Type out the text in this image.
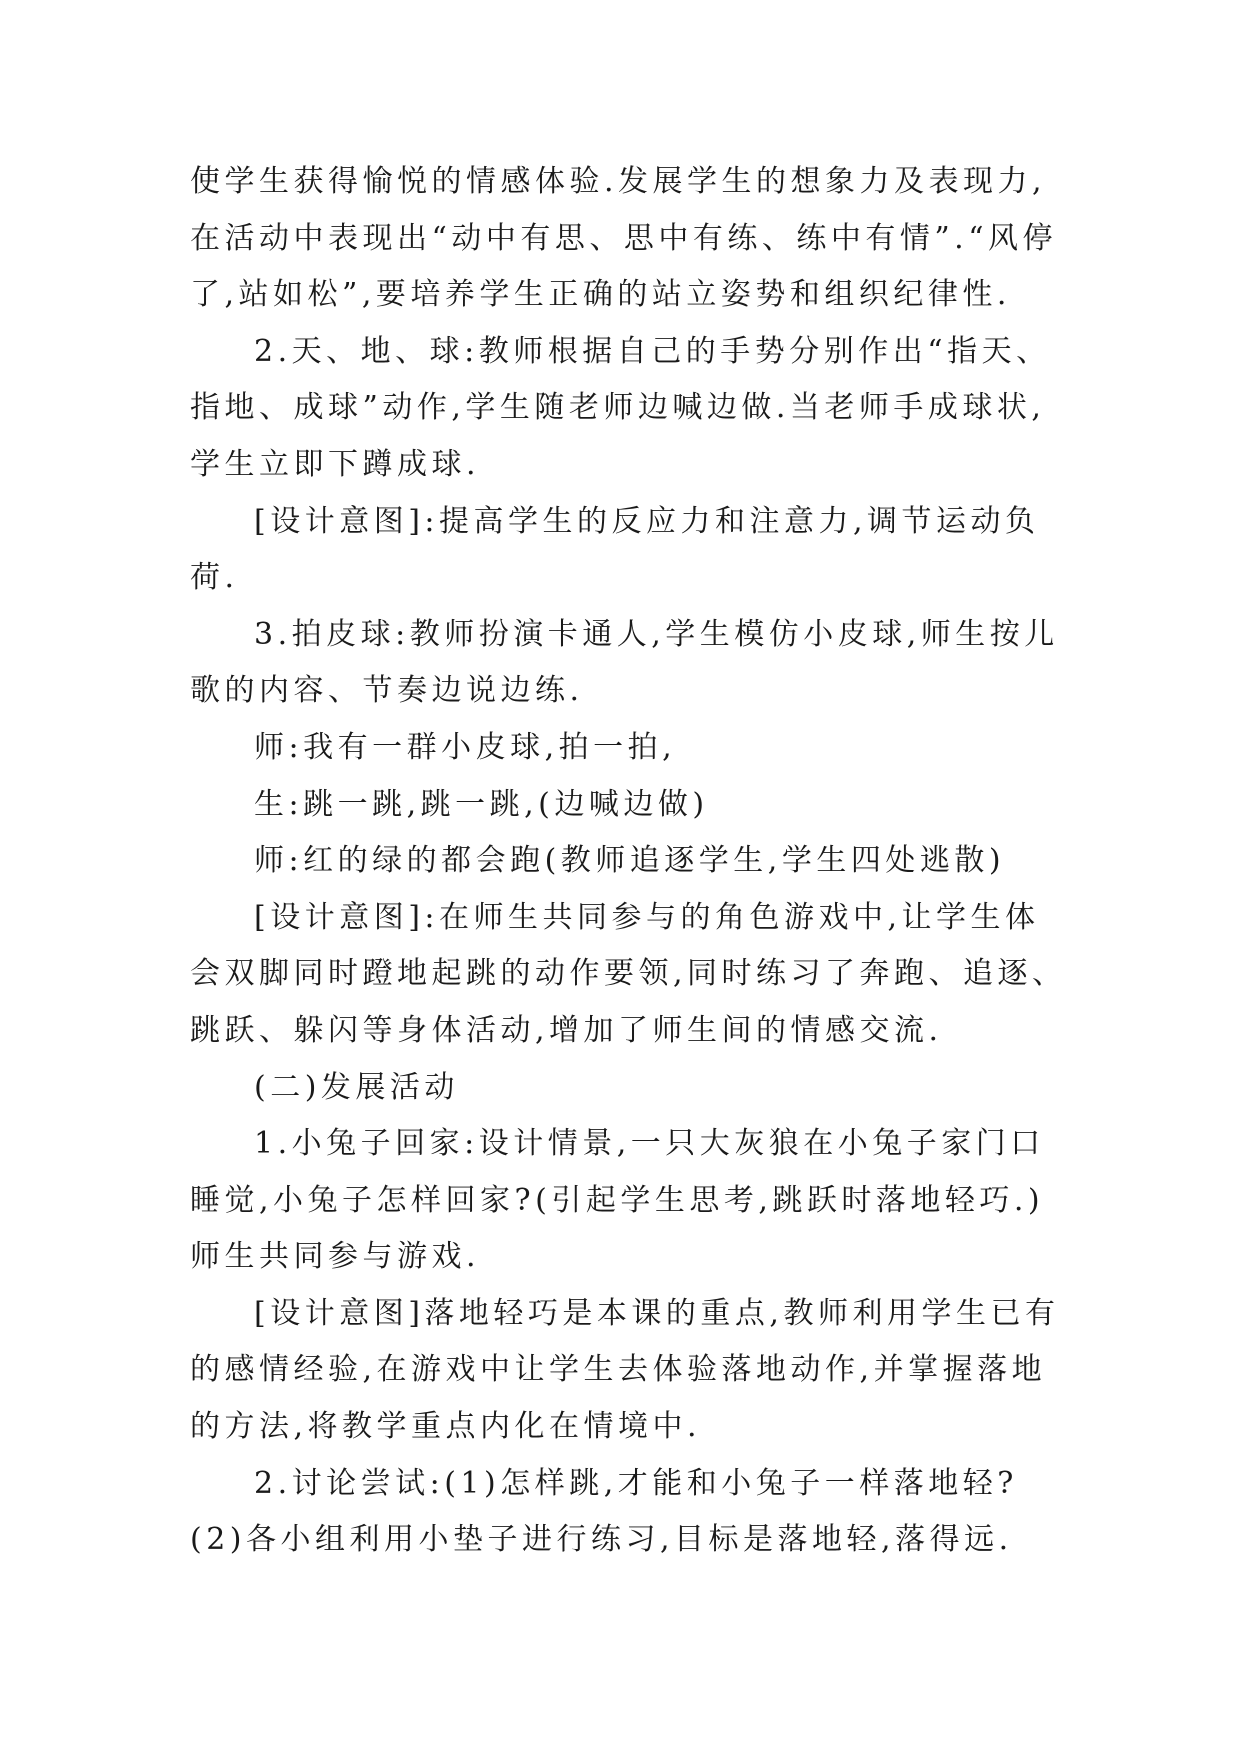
使学生获得愉悦的情感体验.发展学生的想象力及表现力,在活动中表现出“动中有思、思中有练、练中有情”.“风停了,站如松”,要培养学生正确的站立姿势和组织纪律性.

2.天、地、球:教师根据自己的手势分别作出“指天、指地、成球”动作,学生随老师边喊边做.当老师手成球状,学生立即下蹲成球.

[设计意图]:提高学生的反应力和注意力,调节运动负荷.

3.拍皮球:教师扮演卡通人,学生模仿小皮球,师生按儿歌的内容、节奏边说边练.

师:我有一群小皮球,拍一拍,

生:跳一跳,跳一跳,(边喊边做)

师:红的绿的都会跑(教师追逐学生,学生四处逃散)

[设计意图]:在师生共同参与的角色游戏中,让学生体会双脚同时蹬地起跳的动作要领,同时练习了奔跑、追逐、跳跃、躲闪等身体活动,增加了师生间的情感交流.

(二)发展活动

1.小兔子回家:设计情景,一只大灰狼在小兔子家门口睡觉,小兔子怎样回家?(引起学生思考,跳跃时落地轻巧.)师生共同参与游戏.

[设计意图]落地轻巧是本课的重点,教师利用学生已有的感情经验,在游戏中让学生去体验落地动作,并掌握落地的方法,将教学重点内化在情境中.

2.讨论尝试:(1)怎样跳,才能和小兔子一样落地轻?(2)各小组利用小垫子进行练习,目标是落地轻,落得远.
